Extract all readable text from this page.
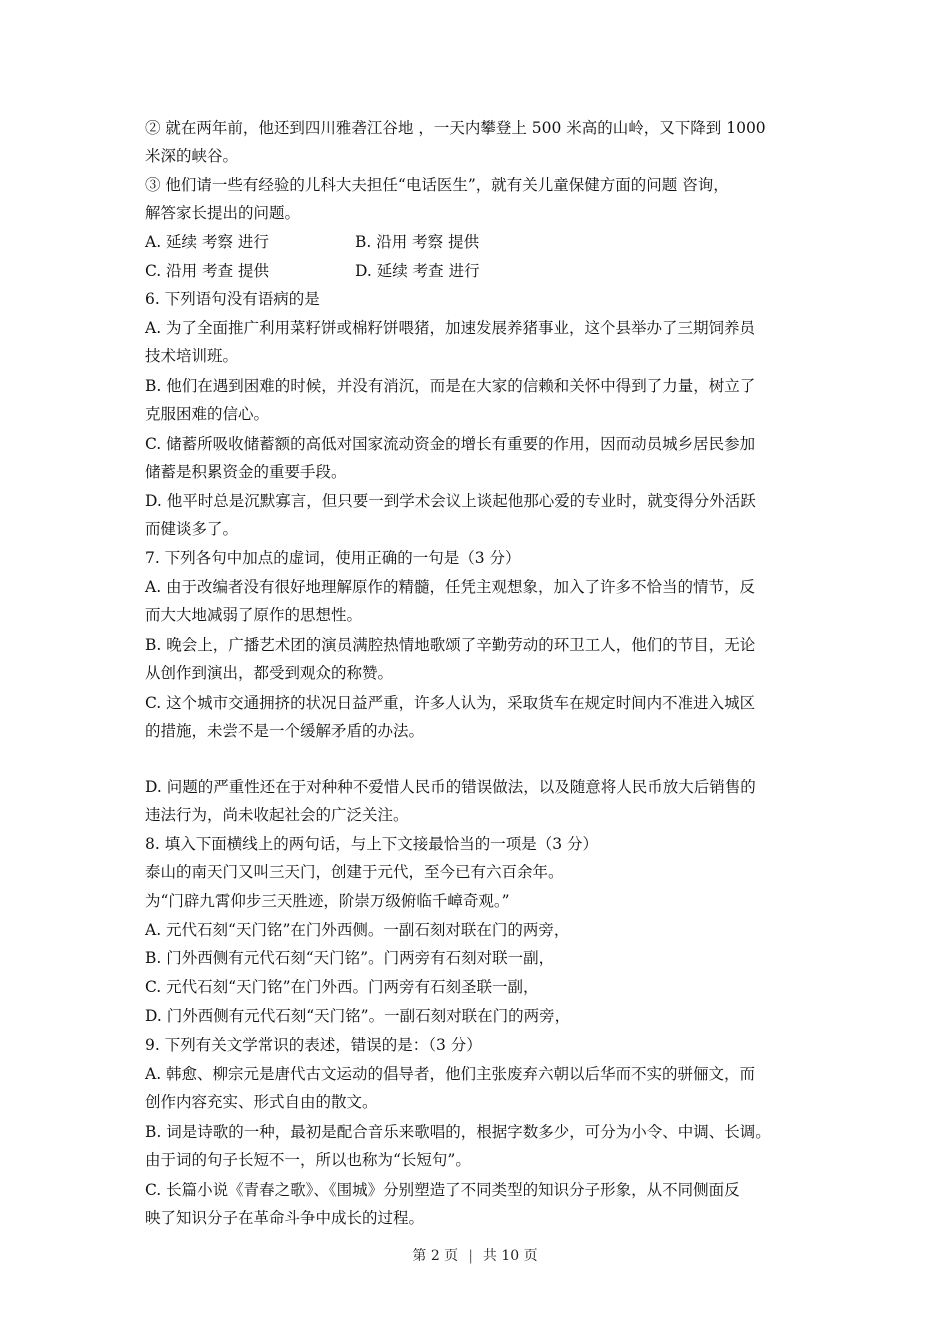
② 就在两年前，他还到四川雅砻江谷地 ，一天内攀登上 500 米高的山岭，又下降到 1000
米深的峡谷。
③ 他们请一些有经验的儿科大夫担任“电话医生”，就有关儿童保健方面的问题 咨询，
解答家长提出的问题。
A. 延续 考察 进行	B. 沿用 考察 提供
C. 沿用 考查 提供	D. 延续 考查 进行
6. 下列语句没有语病的是
A. 为了全面推广利用菜籽饼或棉籽饼喂猪，加速发展养猪事业，这个县举办了三期饲养员
技术培训班。
B. 他们在遇到困难的时候，并没有消沉，而是在大家的信赖和关怀中得到了力量，树立了
克服困难的信心。
C. 储蓄所吸收储蓄额的高低对国家流动资金的增长有重要的作用，因而动员城乡居民参加
储蓄是积累资金的重要手段。
D. 他平时总是沉默寡言，但只要一到学术会议上谈起他那心爱的专业时，就变得分外活跃
而健谈多了。
7. 下列各句中加点的虚词，使用正确的一句是（3 分）
A. 由于改编者没有很好地理解原作的精髓，任凭主观想象，加入了许多不恰当的情节，反
而大大地减弱了原作的思想性。
B. 晚会上，广播艺术团的演员满腔热情地歌颂了辛勤劳动的环卫工人，他们的节目，无论
从创作到演出，都受到观众的称赞。
C. 这个城市交通拥挤的状况日益严重，许多人认为，采取货车在规定时间内不准进入城区
的措施，未尝不是一个缓解矛盾的办法。
D. 问题的严重性还在于对种种不爱惜人民币的错误做法，以及随意将人民币放大后销售的
违法行为，尚未收起社会的广泛关注。
8. 填入下面横线上的两句话，与上下文接最恰当的一项是（3 分）
泰山的南天门又叫三天门，创建于元代，至今已有六百余年。
为“门辟九霄仰步三天胜迹，阶崇万级俯临千嶂奇观。”
A. 元代石刻“天门铭”在门外西侧。一副石刻对联在门的两旁，
B. 门外西侧有元代石刻“天门铭”。门两旁有石刻对联一副，
C. 元代石刻“天门铭”在门外西。门两旁有石刻圣联一副，
D. 门外西侧有元代石刻“天门铭”。一副石刻对联在门的两旁，
9. 下列有关文学常识的表述，错误的是：（3 分）
A. 韩愈、柳宗元是唐代古文运动的倡导者，他们主张废弃六朝以后华而不实的骈俪文，而
创作内容充实、形式自由的散文。
B. 词是诗歌的一种，最初是配合音乐来歌唱的，根据字数多少，可分为小令、中调、长调。
由于词的句子长短不一，所以也称为“长短句”。
C. 长篇小说《青春之歌》、《围城》分别塑造了不同类型的知识分子形象，从不同侧面反
映了知识分子在革命斗争中成长的过程。
第 2 页 | 共 10 页
